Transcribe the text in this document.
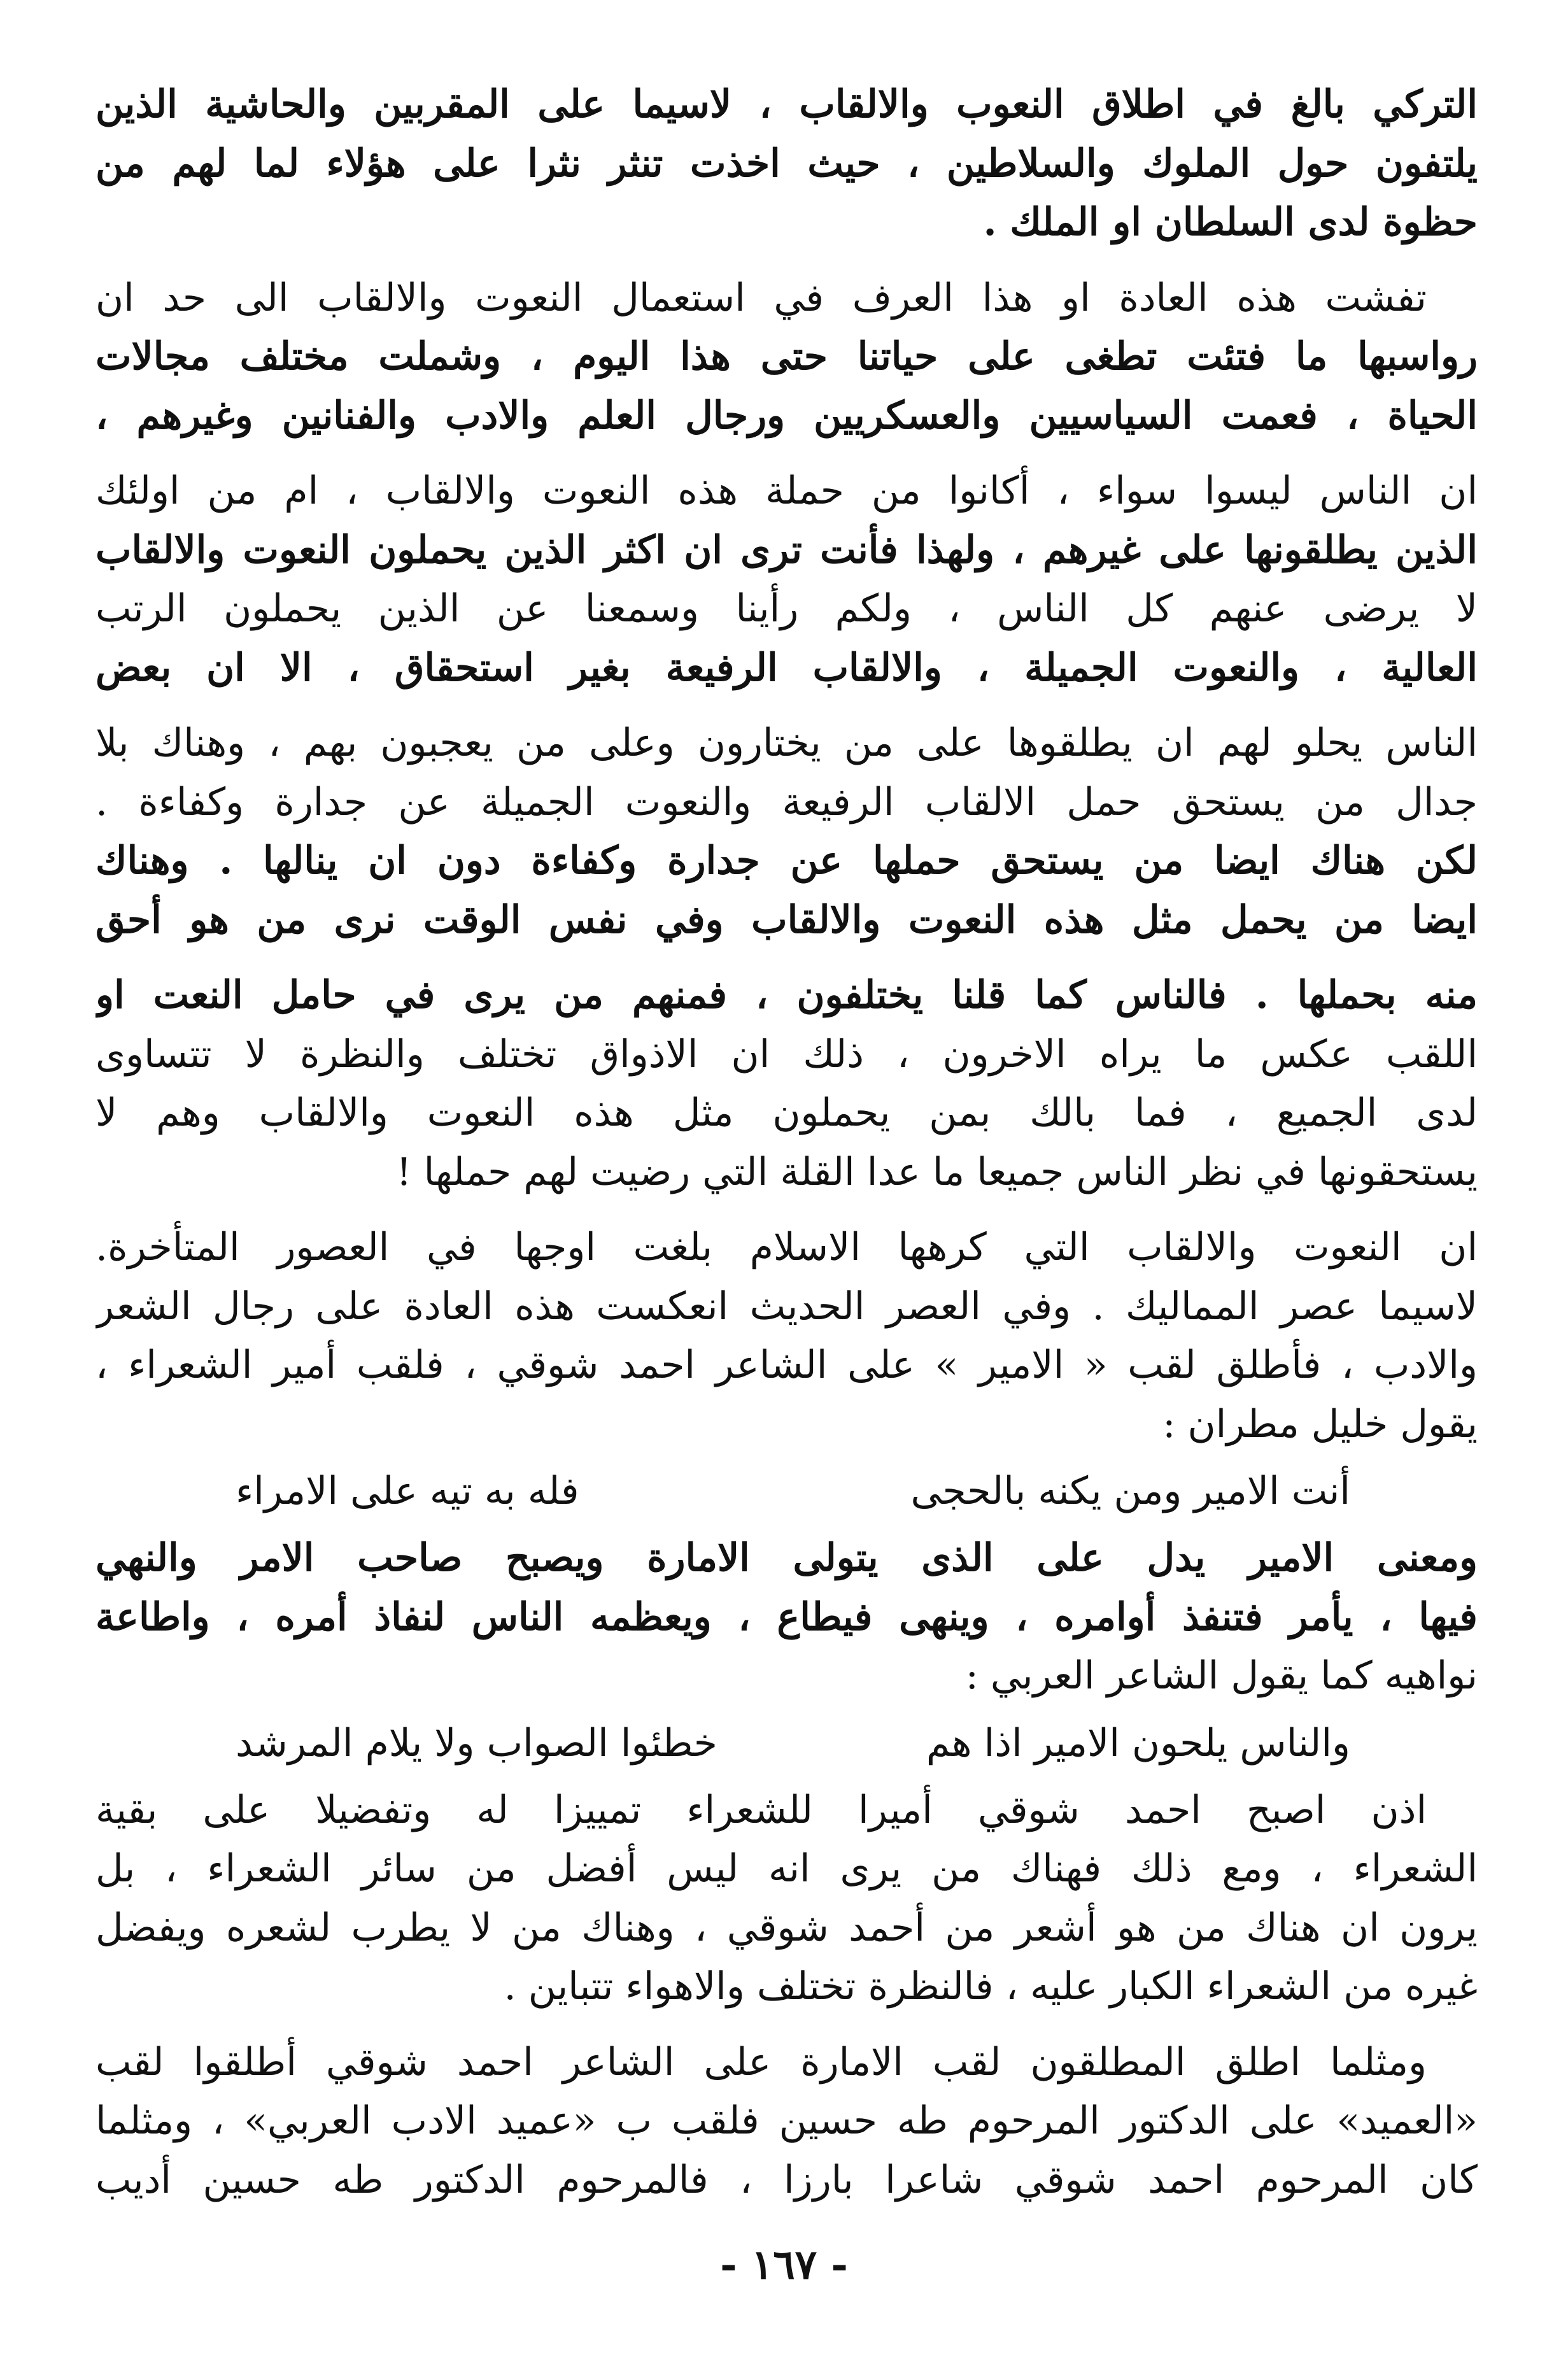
التركي بالغ في اطلاق النعوب والالقاب ، لاسيما على المقربين والحاشية الذين
يلتفون حول الملوك والسلاطين ، حيث اخذت تنثر نثرا على هؤلاء لما لهم من
حظوة لدى السلطان او الملك .

تفشت هذه العادة او هذا العرف في استعمال النعوت والالقاب الى حد ان
رواسبها ما فتئت تطغى على حياتنا حتى هذا اليوم ، وشملت مختلف مجالات
الحياة ، فعمت السياسيين والعسكريين ورجال العلم والادب والفنانين وغيرهم ،

ان الناس ليسوا سواء ، أكانوا من حملة هذه النعوت والالقاب ، ام من اولئك
الذين يطلقونها على غيرهم ، ولهذا فأنت ترى ان اكثر الذين يحملون النعوت والالقاب
لا يرضى عنهم كل الناس ، ولكم رأينا وسمعنا عن الذين يحملون الرتب
العالية ، والنعوت الجميلة ، والالقاب الرفيعة بغير استحقاق ، الا ان بعض

الناس يحلو لهم ان يطلقوها على من يختارون وعلى من يعجبون بهم ، وهناك بلا
جدال من يستحق حمل الالقاب الرفيعة والنعوت الجميلة عن جدارة وكفاءة .
لكن هناك ايضا من يستحق حملها عن جدارة وكفاءة دون ان ينالها . وهناك
ايضا من يحمل مثل هذه النعوت والالقاب وفي نفس الوقت نرى من هو أحق

منه بحملها . فالناس كما قلنا يختلفون ، فمنهم من يرى في حامل النعت او
اللقب عكس ما يراه الاخرون ، ذلك ان الاذواق تختلف والنظرة لا تتساوى
لدى الجميع ، فما بالك بمن يحملون مثل هذه النعوت والالقاب وهم لا
يستحقونها في نظر الناس جميعا ما عدا القلة التي رضيت لهم حملها !

ان النعوت والالقاب التي كرهها الاسلام بلغت اوجها في العصور المتأخرة.
لاسيما عصر المماليك . وفي العصر الحديث انعكست هذه العادة على رجال الشعر
والادب ، فأطلق لقب « الامير » على الشاعر احمد شوقي ، فلقب أمير الشعراء ،
يقول خليل مطران :

أنت الامير ومن يكنه بالحجى
فله به تيه على الامراء

ومعنى الامير يدل على الذى يتولى الامارة ويصبح صاحب الامر والنهي
فيها ، يأمر فتنفذ أوامره ، وينهى فيطاع ، ويعظمه الناس لنفاذ أمره ، واطاعة
نواهيه كما يقول الشاعر العربي :

والناس يلحون الامير اذا هم
خطئوا الصواب ولا يلام المرشد

اذن اصبح احمد شوقي أميرا للشعراء تمييزا له وتفضيلا على بقية
الشعراء ، ومع ذلك فهناك من يرى انه ليس أفضل من سائر الشعراء ، بل
يرون ان هناك من هو أشعر من أحمد شوقي ، وهناك من لا يطرب لشعره ويفضل
غيره من الشعراء الكبار عليه ، فالنظرة تختلف والاهواء تتباين .

ومثلما اطلق المطلقون لقب الامارة على الشاعر احمد شوقي أطلقوا لقب
«العميد» على الدكتور المرحوم طه حسين فلقب ب «عميد الادب العربي» ، ومثلما
كان المرحوم احمد شوقي شاعرا بارزا ، فالمرحوم الدكتور طه حسين أديب

- ١٦٧ -
